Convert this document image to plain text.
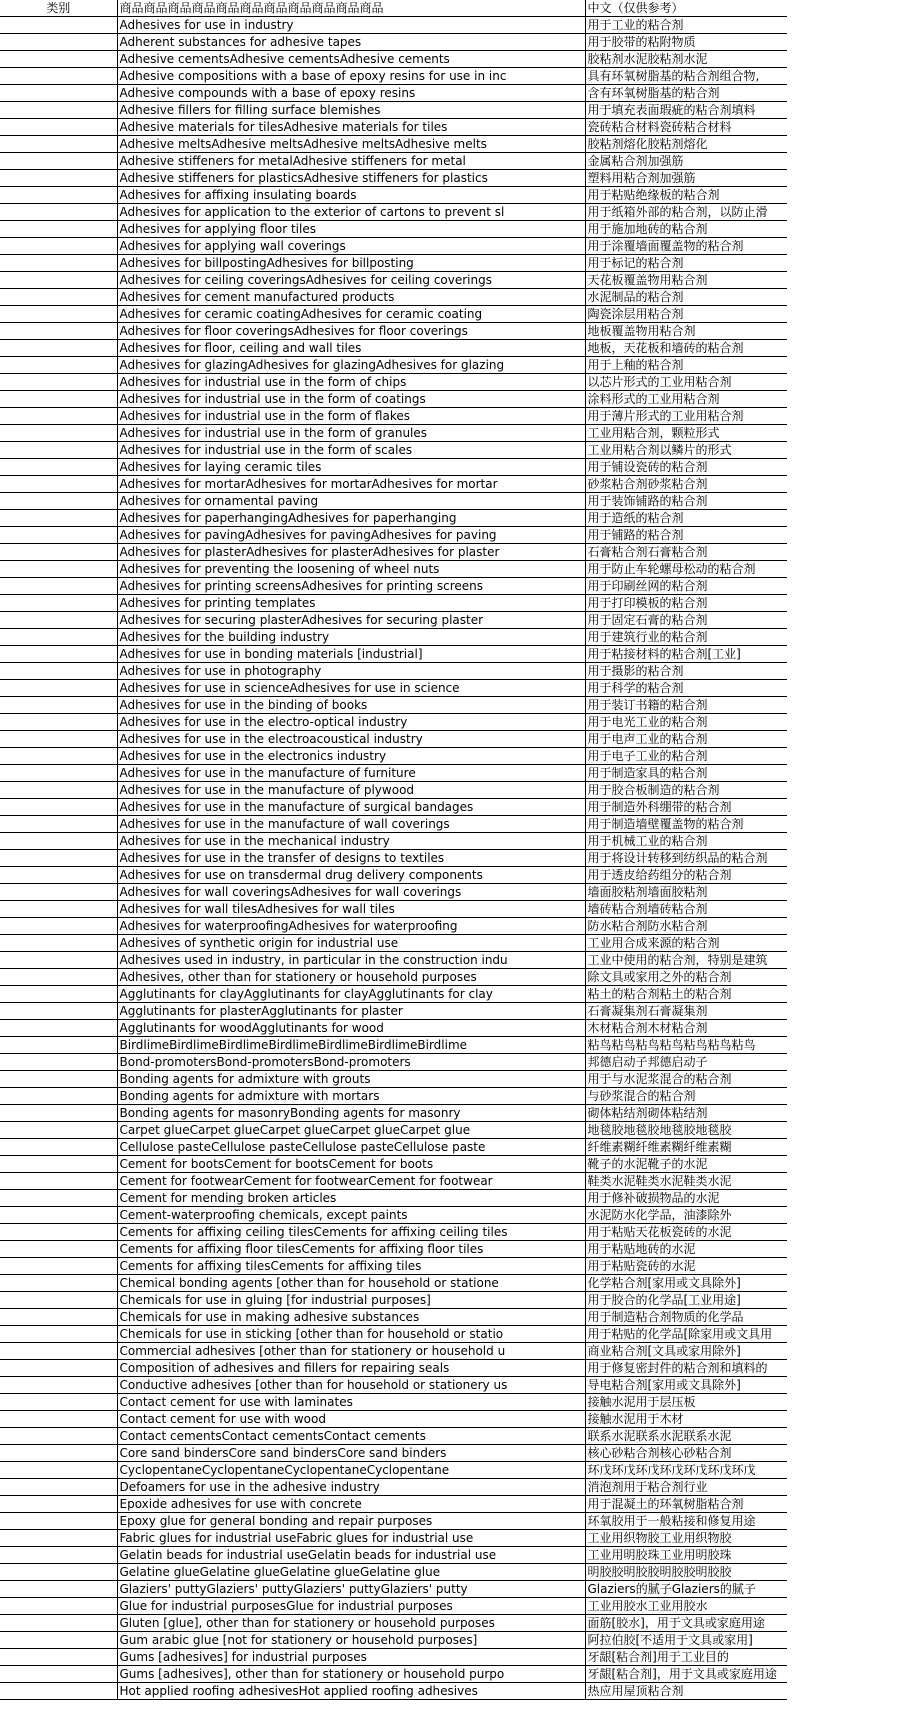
类别	商品商品商品商品商品商品商品商品商品商品商品	中文（仅供参考）
	Adhesives for use in industry	用于工业的粘合剂
	Adherent substances for adhesive tapes	用于胶带的粘附物质
	Adhesive cementsAdhesive cementsAdhesive cements	胶粘剂水泥胶粘剂水泥
	Adhesive compositions with a base of epoxy resins for use in inc	具有环氧树脂基的粘合剂组合物,
	Adhesive compounds with a base of epoxy resins	含有环氧树脂基的粘合剂
	Adhesive fillers for filling surface blemishes	用于填充表面瑕疵的粘合剂填料
	Adhesive materials for tilesAdhesive materials for tiles	瓷砖粘合材料瓷砖粘合材料
	Adhesive meltsAdhesive meltsAdhesive meltsAdhesive melts	胶粘剂熔化胶粘剂熔化
	Adhesive stiffeners for metalAdhesive stiffeners for metal	金属粘合剂加强筋
	Adhesive stiffeners for plasticsAdhesive stiffeners for plastics	塑料用粘合剂加强筋
	Adhesives for affixing insulating boards	用于粘贴绝缘板的粘合剂
	Adhesives for application to the exterior of cartons to prevent sl	用于纸箱外部的粘合剂，以防止滑
	Adhesives for applying floor tiles	用于施加地砖的粘合剂
	Adhesives for applying wall coverings	用于涂覆墙面覆盖物的粘合剂
	Adhesives for billpostingAdhesives for billposting	用于标记的粘合剂
	Adhesives for ceiling coveringsAdhesives for ceiling coverings	天花板覆盖物用粘合剂
	Adhesives for cement manufactured products	水泥制品的粘合剂
	Adhesives for ceramic coatingAdhesives for ceramic coating	陶瓷涂层用粘合剂
	Adhesives for floor coveringsAdhesives for floor coverings	地板覆盖物用粘合剂
	Adhesives for floor, ceiling and wall tiles	地板，天花板和墙砖的粘合剂
	Adhesives for glazingAdhesives for glazingAdhesives for glazing	用于上釉的粘合剂
	Adhesives for industrial use in the form of chips	以芯片形式的工业用粘合剂
	Adhesives for industrial use in the form of coatings	涂料形式的工业用粘合剂
	Adhesives for industrial use in the form of flakes	用于薄片形式的工业用粘合剂
	Adhesives for industrial use in the form of granules	工业用粘合剂，颗粒形式
	Adhesives for industrial use in the form of scales	工业用粘合剂以鳞片的形式
	Adhesives for laying ceramic tiles	用于铺设瓷砖的粘合剂
	Adhesives for mortarAdhesives for mortarAdhesives for mortar	砂浆粘合剂砂浆粘合剂
	Adhesives for ornamental paving	用于装饰铺路的粘合剂
	Adhesives for paperhangingAdhesives for paperhanging	用于造纸的粘合剂
	Adhesives for pavingAdhesives for pavingAdhesives for paving	用于铺路的粘合剂
	Adhesives for plasterAdhesives for plasterAdhesives for plaster	石膏粘合剂石膏粘合剂
	Adhesives for preventing the loosening of wheel nuts	用于防止车轮螺母松动的粘合剂
	Adhesives for printing screensAdhesives for printing screens	用于印刷丝网的粘合剂
	Adhesives for printing templates	用于打印模板的粘合剂
	Adhesives for securing plasterAdhesives for securing plaster	用于固定石膏的粘合剂
	Adhesives for the building industry	用于建筑行业的粘合剂
	Adhesives for use in bonding materials [industrial]	用于粘接材料的粘合剂[工业]
	Adhesives for use in photography	用于摄影的粘合剂
	Adhesives for use in scienceAdhesives for use in science	用于科学的粘合剂
	Adhesives for use in the binding of books	用于装订书籍的粘合剂
	Adhesives for use in the electro-optical industry	用于电光工业的粘合剂
	Adhesives for use in the electroacoustical industry	用于电声工业的粘合剂
	Adhesives for use in the electronics industry	用于电子工业的粘合剂
	Adhesives for use in the manufacture of furniture	用于制造家具的粘合剂
	Adhesives for use in the manufacture of plywood	用于胶合板制造的粘合剂
	Adhesives for use in the manufacture of surgical bandages	用于制造外科绷带的粘合剂
	Adhesives for use in the manufacture of wall coverings	用于制造墙壁覆盖物的粘合剂
	Adhesives for use in the mechanical industry	用于机械工业的粘合剂
	Adhesives for use in the transfer of designs to textiles	用于将设计转移到纺织品的粘合剂
	Adhesives for use on transdermal drug delivery components	用于透皮给药组分的粘合剂
	Adhesives for wall coveringsAdhesives for wall coverings	墙面胶粘剂墙面胶粘剂
	Adhesives for wall tilesAdhesives for wall tiles	墙砖粘合剂墙砖粘合剂
	Adhesives for waterproofingAdhesives for waterproofing	防水粘合剂防水粘合剂
	Adhesives of synthetic origin for industrial use	工业用合成来源的粘合剂
	Adhesives used in industry, in particular in the construction indu	工业中使用的粘合剂，特别是建筑
	Adhesives, other than for stationery or household purposes	除文具或家用之外的粘合剂
	Agglutinants for clayAgglutinants for clayAgglutinants for clay	粘土的粘合剂粘土的粘合剂
	Agglutinants for plasterAgglutinants for plaster	石膏凝集剂石膏凝集剂
	Agglutinants for woodAgglutinants for wood	木材粘合剂木材粘合剂
	BirdlimeBirdlimeBirdlimeBirdlimeBirdlimeBirdlimeBirdlime	粘鸟粘鸟粘鸟粘鸟粘鸟粘鸟粘鸟
	Bond-promotersBond-promotersBond-promoters	邦德启动子邦德启动子
	Bonding agents for admixture with grouts	用于与水泥浆混合的粘合剂
	Bonding agents for admixture with mortars	与砂浆混合的粘合剂
	Bonding agents for masonryBonding agents for masonry	砌体粘结剂砌体粘结剂
	Carpet glueCarpet glueCarpet glueCarpet glueCarpet glue	地毯胶地毯胶地毯胶地毯胶
	Cellulose pasteCellulose pasteCellulose pasteCellulose paste	纤维素糊纤维素糊纤维素糊
	Cement for bootsCement for bootsCement for boots	靴子的水泥靴子的水泥
	Cement for footwearCement for footwearCement for footwear	鞋类水泥鞋类水泥鞋类水泥
	Cement for mending broken articles	用于修补破损物品的水泥
	Cement-waterproofing chemicals, except paints	水泥防水化学品，油漆除外
	Cements for affixing ceiling tilesCements for affixing ceiling tiles	用于粘贴天花板瓷砖的水泥
	Cements for affixing floor tilesCements for affixing floor tiles	用于粘贴地砖的水泥
	Cements for affixing tilesCements for affixing tiles	用于粘贴瓷砖的水泥
	Chemical bonding agents [other than for household or statione	化学粘合剂[家用或文具除外]
	Chemicals for use in gluing [for industrial purposes]	用于胶合的化学品[工业用途]
	Chemicals for use in making adhesive substances	用于制造粘合剂物质的化学品
	Chemicals for use in sticking [other than for household or statio	用于粘贴的化学品[除家用或文具用
	Commercial adhesives [other than for stationery or household u	商业粘合剂[文具或家用除外]
	Composition of adhesives and fillers for repairing seals	用于修复密封件的粘合剂和填料的
	Conductive adhesives [other than for household or stationery us	导电粘合剂[家用或文具除外]
	Contact cement for use with laminates	接触水泥用于层压板
	Contact cement for use with wood	接触水泥用于木材
	Contact cementsContact cementsContact cements	联系水泥联系水泥联系水泥
	Core sand bindersCore sand bindersCore sand binders	核心砂粘合剂核心砂粘合剂
	CyclopentaneCyclopentaneCyclopentaneCyclopentane	环戊环戊环戊环戊环戊环戊环戊
	Defoamers for use in the adhesive industry	消泡剂用于粘合剂行业
	Epoxide adhesives for use with concrete	用于混凝土的环氧树脂粘合剂
	Epoxy glue for general bonding and repair purposes	环氧胶用于一般粘接和修复用途
	Fabric glues for industrial useFabric glues for industrial use	工业用织物胶工业用织物胶
	Gelatin beads for industrial useGelatin beads for industrial use	工业用明胶珠工业用明胶珠
	Gelatine glueGelatine glueGelatine glueGelatine glue	明胶胶明胶胶明胶胶明胶胶
	Glaziers' puttyGlaziers' puttyGlaziers' puttyGlaziers' putty	Glaziers的腻子Glaziers的腻子
	Glue for industrial purposesGlue for industrial purposes	工业用胶水工业用胶水
	Gluten [glue], other than for stationery or household purposes	面筋[胶水]，用于文具或家庭用途
	Gum arabic glue [not for stationery or household purposes]	阿拉伯胶[不适用于文具或家用]
	Gums [adhesives] for industrial purposes	牙龈[粘合剂]用于工业目的
	Gums [adhesives], other than for stationery or household purpo	牙龈[粘合剂]，用于文具或家庭用途
	Hot applied roofing adhesivesHot applied roofing adhesives	热应用屋顶粘合剂
